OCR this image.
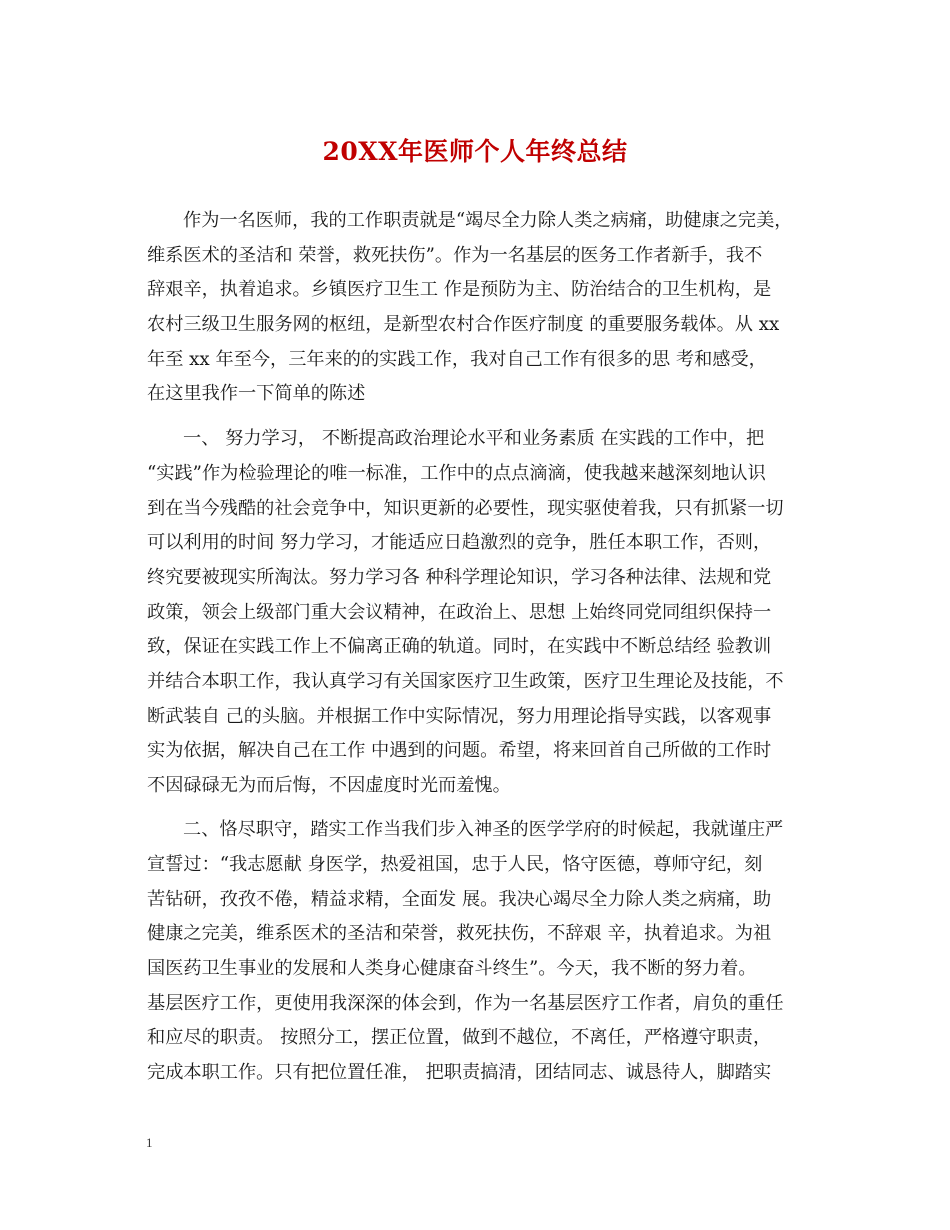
20XX年医师个人年终总结
作为一名医师，我的工作职责就是“竭尽全力除人类之病痛，助健康之完美，
维系医术的圣洁和 荣誉，救死扶伤”。作为一名基层的医务工作者新手，我不
辞艰辛，执着追求。乡镇医疗卫生工 作是预防为主、防治结合的卫生机构，是
农村三级卫生服务网的枢纽，是新型农村合作医疗制度 的重要服务载体。从 xx
年至 xx 年至今，三年来的的实践工作，我对自己工作有很多的思 考和感受，
在这里我作一下简单的陈述
一、 努力学习， 不断提高政治理论水平和业务素质 在实践的工作中，把
“实践”作为检验理论的唯一标准，工作中的点点滴滴，使我越来越深刻地认识
到在当今残酷的社会竞争中，知识更新的必要性，现实驱使着我，只有抓紧一切
可以利用的时间 努力学习，才能适应日趋激烈的竞争，胜任本职工作，否则，
终究要被现实所淘汰。努力学习各 种科学理论知识，学习各种法律、法规和党
政策，领会上级部门重大会议精神，在政治上、思想 上始终同党同组织保持一
致，保证在实践工作上不偏离正确的轨道。同时，在实践中不断总结经 验教训
并结合本职工作，我认真学习有关国家医疗卫生政策，医疗卫生理论及技能，不
断武装自 己的头脑。并根据工作中实际情况，努力用理论指导实践，以客观事
实为依据，解决自己在工作 中遇到的问题。希望，将来回首自己所做的工作时
不因碌碌无为而后悔，不因虚度时光而羞愧。
二、恪尽职守，踏实工作当我们步入神圣的医学学府的时候起，我就谨庄严
宣誓过：“我志愿献 身医学，热爱祖国，忠于人民，恪守医德，尊师守纪，刻
苦钻研，孜孜不倦，精益求精，全面发 展。我决心竭尽全力除人类之病痛，助
健康之完美，维系医术的圣洁和荣誉，救死扶伤，不辞艰 辛，执着追求。为祖
国医药卫生事业的发展和人类身心健康奋斗终生”。今天，我不断的努力着。
基层医疗工作，更使用我深深的体会到，作为一名基层医疗工作者，肩负的重任
和应尽的职责。 按照分工，摆正位置，做到不越位，不离任，严格遵守职责，
完成本职工作。只有把位置任准， 把职责搞清，团结同志、诚恳待人，脚踏实
1
